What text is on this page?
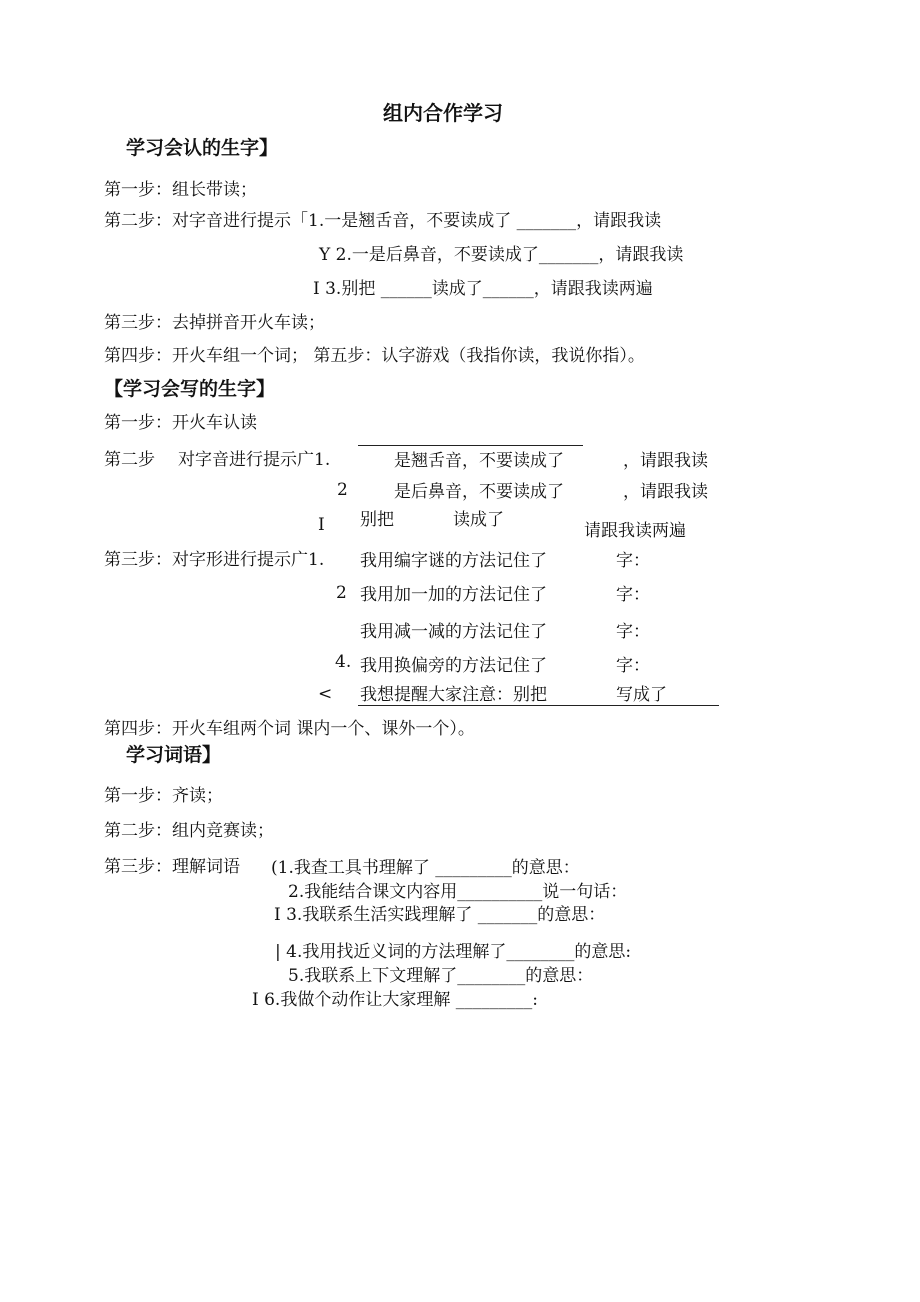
组内合作学习
学习会认的生字】
第一步：组长带读；
第二步：对字音进行提示「1.一是翘舌音，不要读成了 _______，请跟我读
Y 2.一是后鼻音，不要读成了_______，请跟我读
I 3.别把 ______读成了______，请跟我读两遍
第三步：去掉拼音开火车读；
第四步：开火车组一个词； 第五步：认字游戏（我指你读，我说你指）。
【学习会写的生字】
第一步：开火车认读
第二步 对字音进行提示广1.	是翘舌音，不要读成了	，请跟我读
2	是后鼻音，不要读成了	，请跟我读
I 别把	读成了
请跟我读两遍
第三步：对字形进行提示广1. 我用编字谜的方法记住了	字：
2 我用加一加的方法记住了	字：
我用减一减的方法记住了	字：
4. 我用换偏旁的方法记住了	字：
< 我想提醒大家注意：别把	写成了
第四步：开火车组两个词 课内一个、课外一个）。
学习词语】
第一步：齐读；
第二步：组内竞赛读；
第三步：理解词语 (1.我查工具书理解了 _________的意思：
2.我能结合课文内容用__________说一句话：
I 3.我联系生活实践理解了 _______的意思：
| 4.我用找近义词的方法理解了________的意思:
5.我联系上下文理解了________的意思：
I 6.我做个动作让大家理解 _________:
